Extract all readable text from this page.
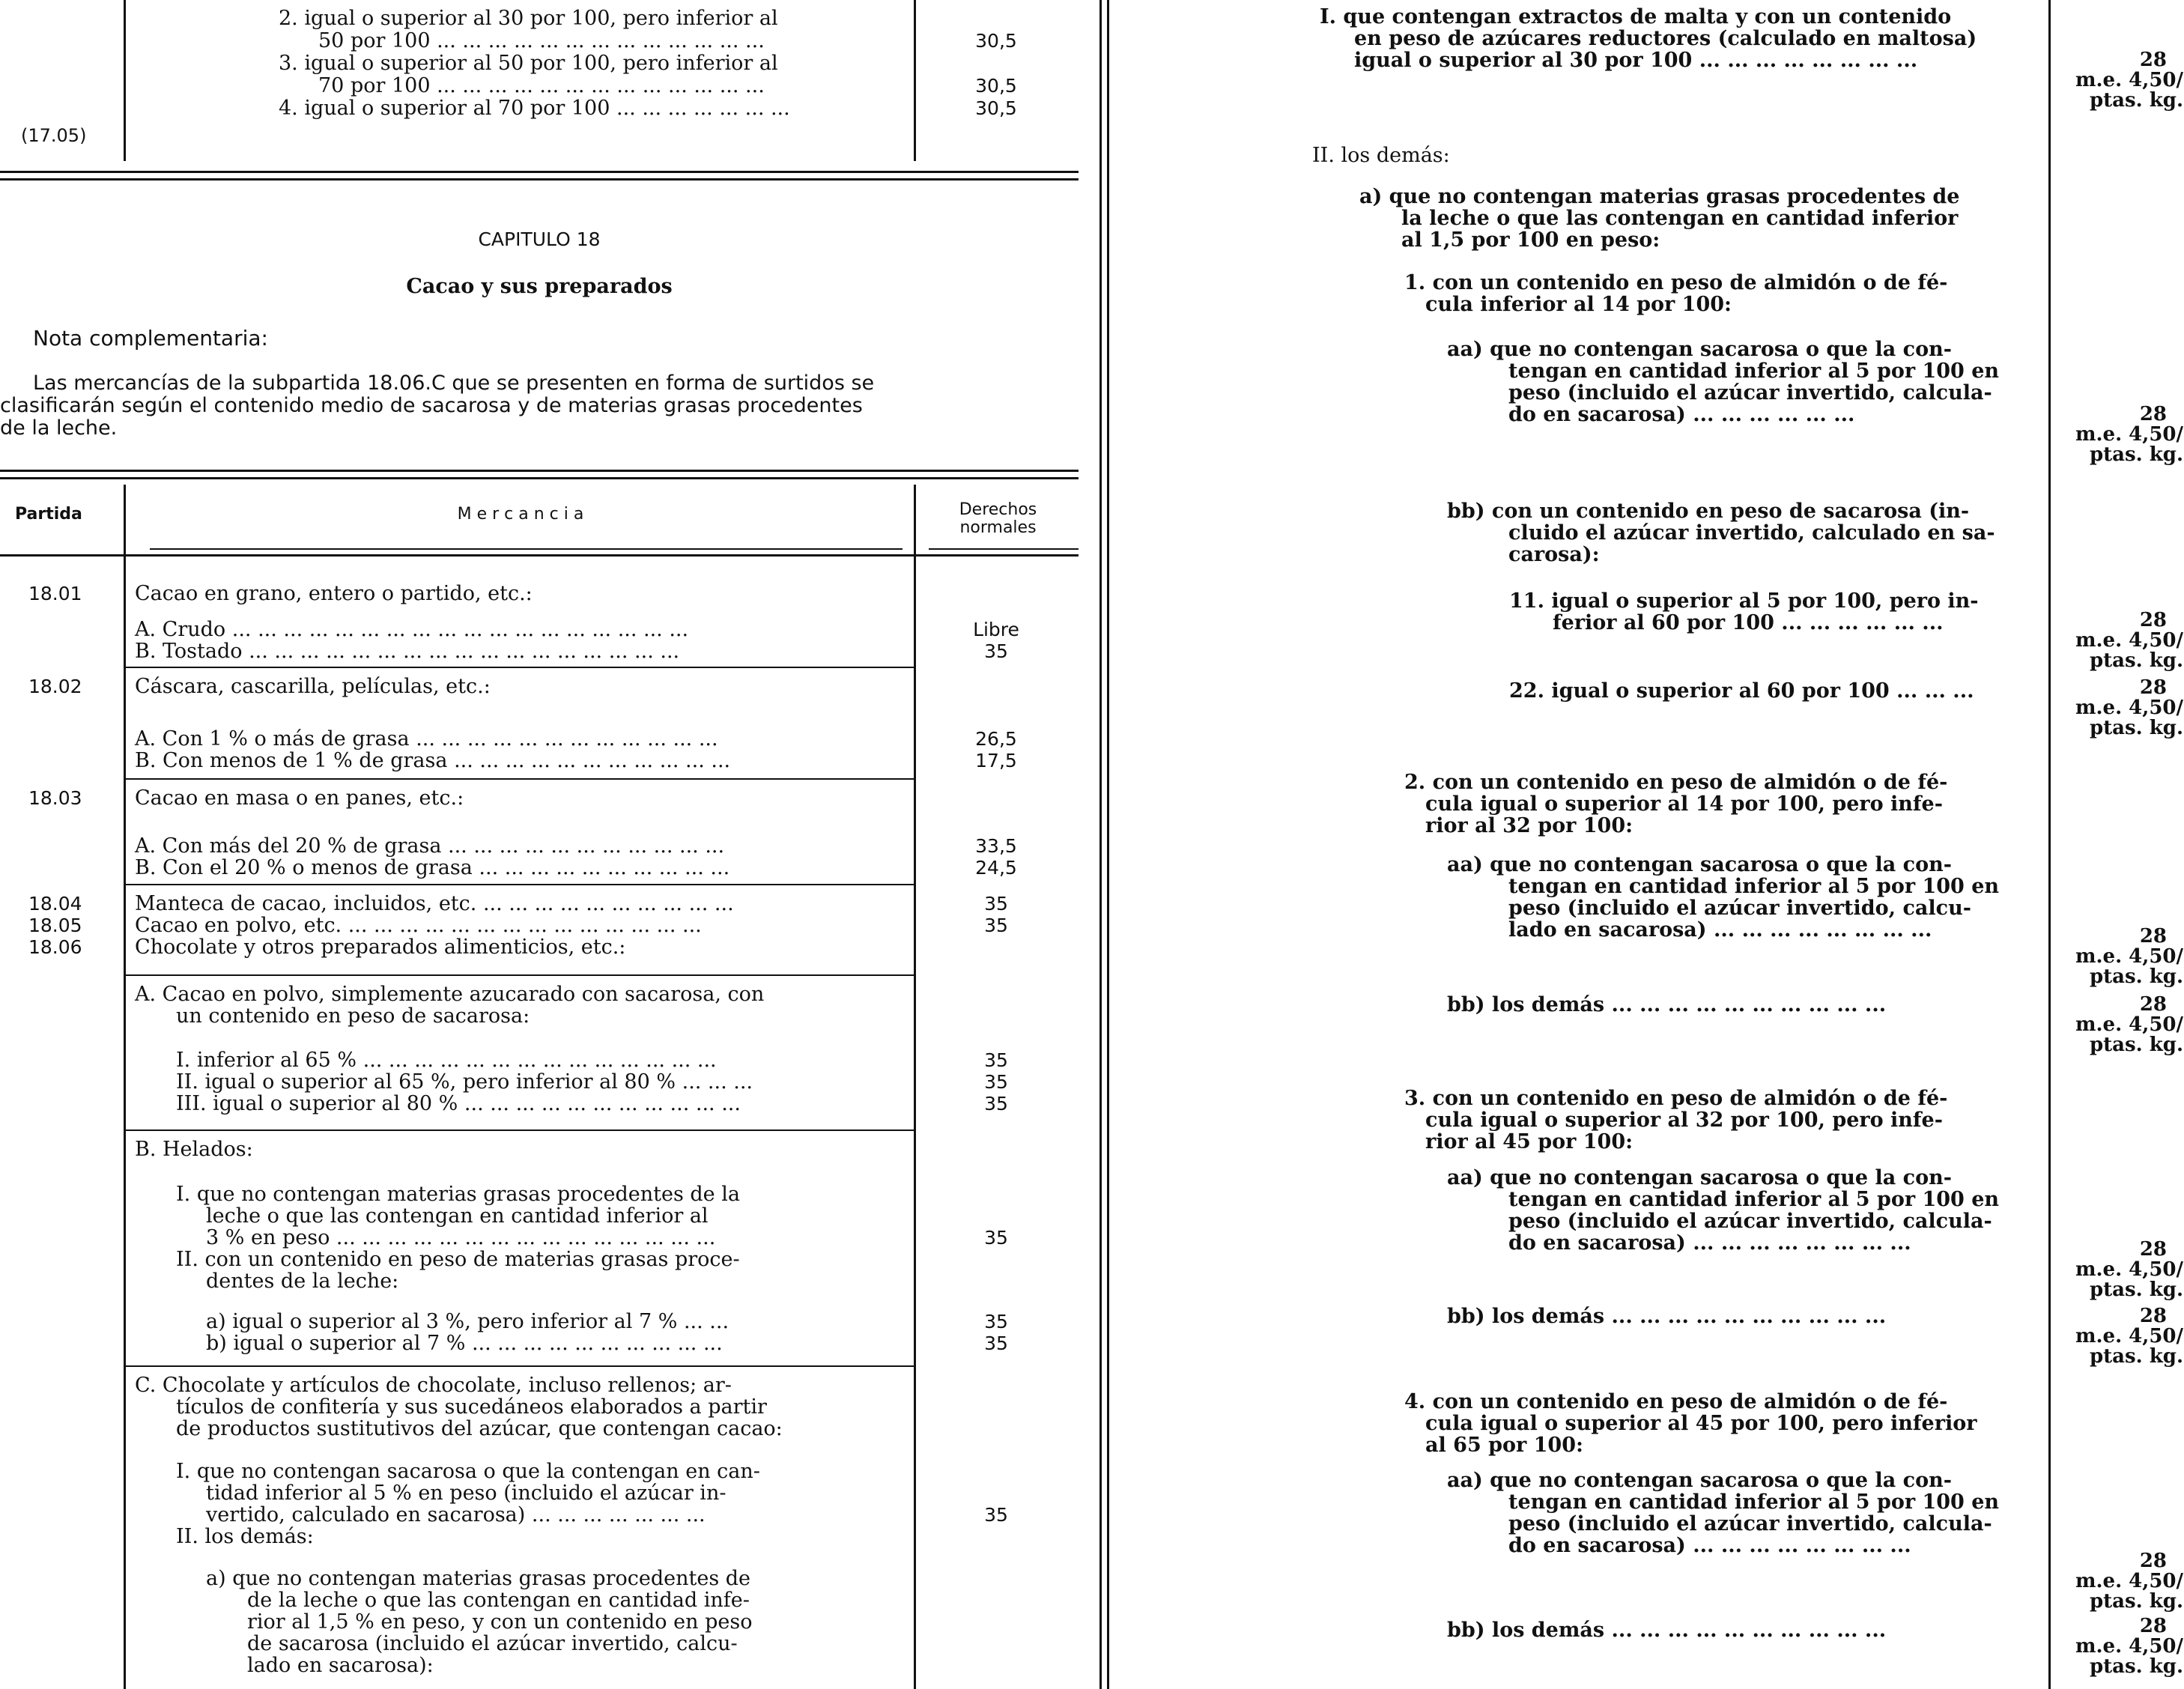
2. igual o superior al 30 por 100, pero inferior al
50 por 100 ... ... ... ... ... ... ... ... ... ... ... ... ...	30,5
3. igual o superior al 50 por 100, pero inferior al
70 por 100 ... ... ... ... ... ... ... ... ... ... ... ... ...	30,5
4. igual o superior al 70 por 100 ... ... ... ... ... ... ...	30,5
(17.05)
CAPITULO 18
Cacao y sus preparados
Nota complementaria:
Las mercancías de la subpartida 18.06.C que se presenten en forma de surtidos se
clasificarán según el contenido medio de sacarosa y de materias grasas procedentes
de la leche.
Partida	M e r c a n c i a	Derechos
normales
18.01	Cacao en grano, entero o partido, etc.:
A. Crudo ... ... ... ... ... ... ... ... ... ... ... ... ... ... ... ... ... ...	Libre
B. Tostado ... ... ... ... ... ... ... ... ... ... ... ... ... ... ... ... ...	35
18.02	Cáscara, cascarilla, películas, etc.:
A. Con 1 % o más de grasa ... ... ... ... ... ... ... ... ... ... ... ...	26,5
B. Con menos de 1 % de grasa ... ... ... ... ... ... ... ... ... ... ...	17,5
18.03	Cacao en masa o en panes, etc.:
A. Con más del 20 % de grasa ... ... ... ... ... ... ... ... ... ... ...	33,5
B. Con el 20 % o menos de grasa ... ... ... ... ... ... ... ... ... ...	24,5
18.04	Manteca de cacao, incluidos, etc. ... ... ... ... ... ... ... ... ... ...	35
18.05	Cacao en polvo, etc. ... ... ... ... ... ... ... ... ... ... ... ... ... ...	35
18.06	Chocolate y otros preparados alimenticios, etc.:
A. Cacao en polvo, simplemente azucarado con sacarosa, con
un contenido en peso de sacarosa:
I. inferior al 65 % ... ... ... ... ... ... ... ... ... ... ... ... ... ...	35
II. igual o superior al 65 %, pero inferior al 80 % ... ... ...	35
III. igual o superior al 80 % ... ... ... ... ... ... ... ... ... ... ...	35
B. Helados:
I. que no contengan materias grasas procedentes de la
leche o que las contengan en cantidad inferior al
3 % en peso ... ... ... ... ... ... ... ... ... ... ... ... ... ... ...	35
II. con un contenido en peso de materias grasas proce-
dentes de la leche:
a) igual o superior al 3 %, pero inferior al 7 % ... ...	35
b) igual o superior al 7 % ... ... ... ... ... ... ... ... ... ...	35
C. Chocolate y artículos de chocolate, incluso rellenos; ar-
tículos de confitería y sus sucedáneos elaborados a partir
de productos sustitutivos del azúcar, que contengan cacao:
I. que no contengan sacarosa o que la contengan en can-
tidad inferior al 5 % en peso (incluido el azúcar in-
vertido, calculado en sacarosa) ... ... ... ... ... ... ...	35
II. los demás:
a) que no contengan materias grasas procedentes de
de la leche o que las contengan en cantidad infe-
rior al 1,5 % en peso, y con un contenido en peso
de sacarosa (incluido el azúcar invertido, calcu-
lado en sacarosa):
I. que contengan extractos de malta y con un contenido
en peso de azúcares reductores (calculado en maltosa)
igual o superior al 30 por 100 ... ... ... ... ... ... ... ...	28
m.e. 4,50/
ptas. kg.
II. los demás:
a) que no contengan materias grasas procedentes de
la leche o que las contengan en cantidad inferior
al 1,5 por 100 en peso:
1. con un contenido en peso de almidón o de fé-
cula inferior al 14 por 100:
aa) que no contengan sacarosa o que la con-
tengan en cantidad inferior al 5 por 100 en
peso (incluido el azúcar invertido, calcula-
do en sacarosa) ... ... ... ... ... ...	28
m.e. 4,50/
ptas. kg.
bb) con un contenido en peso de sacarosa (in-
cluido el azúcar invertido, calculado en sa-
carosa):
11. igual o superior al 5 por 100, pero in-
ferior al 60 por 100 ... ... ... ... ... ...	28
m.e. 4,50/
ptas. kg.
22. igual o superior al 60 por 100 ... ... ...	28
m.e. 4,50/
ptas. kg.
2. con un contenido en peso de almidón o de fé-
cula igual o superior al 14 por 100, pero infe-
rior al 32 por 100:
aa) que no contengan sacarosa o que la con-
tengan en cantidad inferior al 5 por 100 en
peso (incluido el azúcar invertido, calcu-
lado en sacarosa) ... ... ... ... ... ... ... ...	28
m.e. 4,50/
ptas. kg.
bb) los demás ... ... ... ... ... ... ... ... ... ...	28
m.e. 4,50/
ptas. kg.
3. con un contenido en peso de almidón o de fé-
cula igual o superior al 32 por 100, pero infe-
rior al 45 por 100:
aa) que no contengan sacarosa o que la con-
tengan en cantidad inferior al 5 por 100 en
peso (incluido el azúcar invertido, calcula-
do en sacarosa) ... ... ... ... ... ... ... ...	28
m.e. 4,50/
ptas. kg.
bb) los demás ... ... ... ... ... ... ... ... ... ...	28
m.e. 4,50/
ptas. kg.
4. con un contenido en peso de almidón o de fé-
cula igual o superior al 45 por 100, pero inferior
al 65 por 100:
aa) que no contengan sacarosa o que la con-
tengan en cantidad inferior al 5 por 100 en
peso (incluido el azúcar invertido, calcula-
do en sacarosa) ... ... ... ... ... ... ... ...
28
m.e. 4,50/
ptas. kg.
bb) los demás ... ... ... ... ... ... ... ... ... ...	28
m.e. 4,50/
ptas. kg.
